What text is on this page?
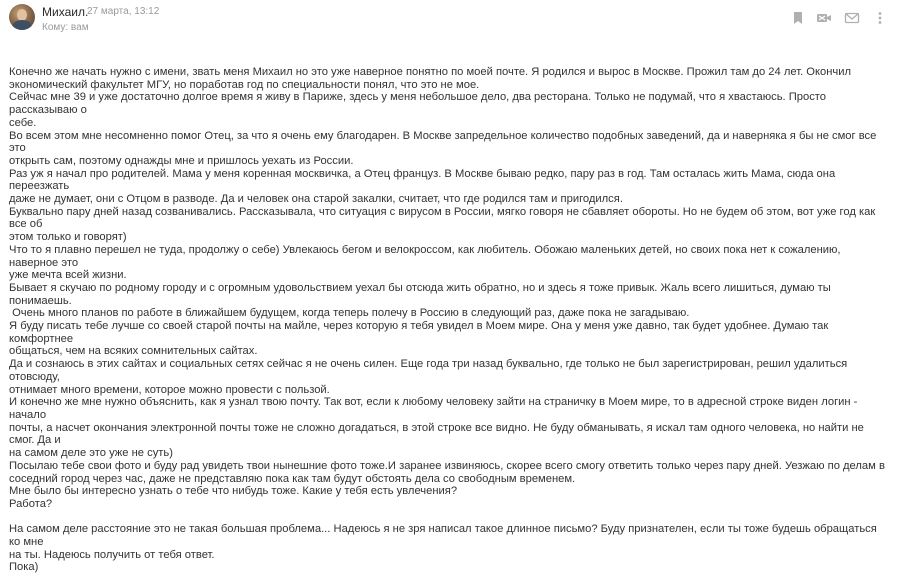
Михаил.
27 марта, 13:12
Кому: вам
Конечно же начать нужно с имени, звать меня Михаил но это уже наверное понятно по моей почте. Я родился и вырос в Москве. Прожил там до 24 лет. Окончил
экономический факультет МГУ, но поработав год по специальности понял, что это не мое.
Сейчас мне 39 и уже достаточно долгое время я живу в Париже, здесь у меня небольшое дело, два ресторана. Только не подумай, что я хвастаюсь. Просто рассказываю о
себе.
Во всем этом мне несомненно помог Отец, за что я очень ему благодарен. В Москве запредельное количество подобных заведений, да и наверняка я бы не смог все это
открыть сам, поэтому однажды мне и пришлось уехать из России.
Раз уж я начал про родителей. Мама у меня коренная москвичка, а Отец француз. В Москве бываю редко, пару раз в год. Там осталась жить Мама, сюда она переезжать
даже не думает, они с Отцом в разводе. Да и человек она старой закалки, считает, что где родился там и пригодился.
Буквально пару дней назад созванивались. Рассказывала, что ситуация с вирусом в России, мягко говоря не сбавляет обороты. Но не будем об этом, вот уже год как все об
этом только и говорят)
Что то я плавно перешел не туда, продолжу о себе) Увлекаюсь бегом и велокроссом, как любитель. Обожаю маленьких детей, но своих пока нет к сожалению, наверное это
уже мечта всей жизни.
Бывает я скучаю по родному городу и с огромным удовольствием уехал бы отсюда жить обратно, но и здесь я тоже привык. Жаль всего лишиться, думаю ты понимаешь.
Очень много планов по работе в ближайшем будущем, когда теперь полечу в Россию в следующий раз, даже пока не загадываю.
Я буду писать тебе лучше со своей старой почты на майле, через которую я тебя увидел в Моем мире. Она у меня уже давно, так будет удобнее. Думаю так комфортнее
общаться, чем на всяких сомнительных сайтах.
Да и сознаюсь в этих сайтах и социальных сетях сейчас я не очень силен. Еще года три назад буквально, где только не был зарегистрирован, решил удалиться отовсюду,
отнимает много времени, которое можно провести с пользой.
И конечно же мне нужно объяснить, как я узнал твою почту. Так вот, если к любому человеку зайти на страничку в Моем мире, то в адресной строке виден логин - начало
почты, а насчет окончания электронной почты тоже не сложно догадаться, в этой строке все видно. Не буду обманывать, я искал там одного человека, но найти не смог. Да и
на самом деле это уже не суть)
Посылаю тебе свои фото и буду рад увидеть твои нынешние фото тоже.И заранее извиняюсь, скорее всего смогу ответить только через пару дней. Уезжаю по делам в
соседний город через час, даже не представляю пока как там будут обстоять дела со свободным временем.
Мне было бы интересно узнать о тебе что нибудь тоже. Какие у тебя есть увлечения?
Работа?
На самом деле расстояние это не такая большая проблема... Надеюсь я не зря написал такое длинное письмо? Буду признателен, если ты тоже будешь обращаться ко мне
на ты. Надеюсь получить от тебя ответ.
Пока)
